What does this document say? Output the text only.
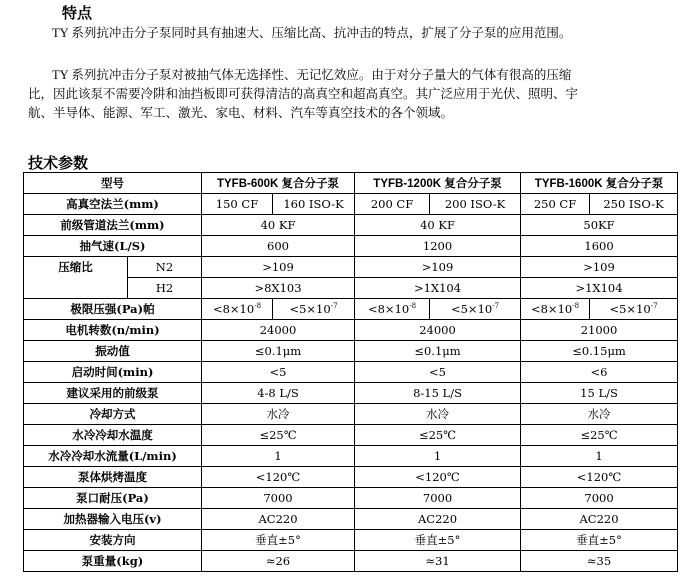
特点
TY 系列抗冲击分子泵同时具有抽速大、压缩比高、抗冲击的特点，扩展了分子泵的应用范围。
TY 系列抗冲击分子泵对被抽气体无选择性、无记忆效应。由于对分子量大的气体有很高的压缩比，因此该泵不需要冷阱和油挡板即可获得清洁的高真空和超高真空。其广泛应用于光伏、照明、宇航、半导体、能源、军工、激光、家电、材料、汽车等真空技术的各个领域。
技术参数
型号		TYFB-600K 复合分子泵		TYFB-1200K 复合分子泵		TYFB-1600K 复合分子泵	
高真空法兰(mm)		150 CF	160 ISO-K	200 CF	200 ISO-K	250 CF	250 ISO-K
前级管道法兰(mm)		40 KF		40 KF		50KF	
抽气速(L/S)		600		1200		1600	
压缩比	N2	>109		>109		>109	
	H2	>8X103		>1X104		>1X104	
极限压强(Pa)帕		$<8\times 10^{-8}$	$<5\times 10^{-7}$	$<8\times 10^{-8}$	$<5\times 10^{-7}$	$<8\times 10^{-8}$	$<5\times 10^{-7}$
电机转数(n/min)		24000		24000		21000	
振动值		≤0.1μm		≤0.1μm		≤0.15μm	
启动时间(min)		<5		<5		<6	
建议采用的前级泵		4-8 L/S		8-15 L/S		15 L/S	
冷却方式		水冷		水冷		水冷	
水冷冷却水温度		≤25℃		≤25℃		≤25℃	
水冷冷却水流量(L/min)		1		1		1	
泵体烘烤温度		<120℃		<120℃		<120℃	
泵口耐压(Pa)		7000		7000		7000	
加热器输入电压(v)		AC220		AC220		AC220	
安装方向		垂直±5°		垂直±5°		垂直±5°	
泵重量(kg)		≈26		≈31		≈35	
